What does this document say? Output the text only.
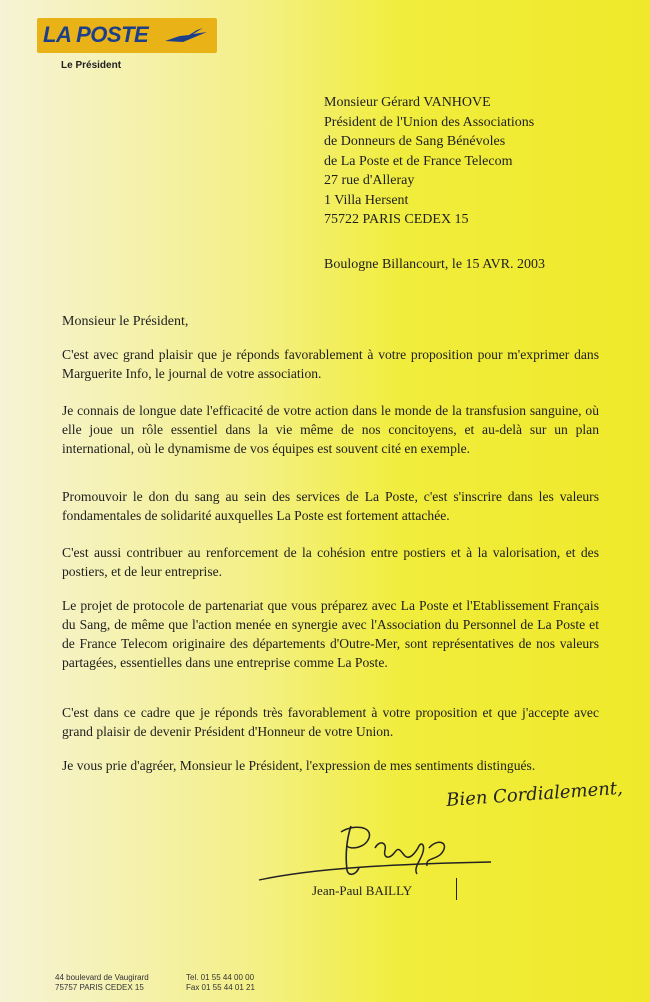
LA POSTE
Le Président
Monsieur Gérard VANHOVE
Président de l'Union des Associations
de Donneurs de Sang Bénévoles
de La Poste et de France Telecom
27 rue d'Alleray
1 Villa Hersent
75722 PARIS CEDEX 15
Boulogne Billancourt, le 15 AVR. 2003
Monsieur le Président,
C'est avec grand plaisir que je réponds favorablement à votre proposition pour m'exprimer dans Marguerite Info, le journal de votre association.
Je connais de longue date l'efficacité de votre action dans le monde de la transfusion sanguine, où elle joue un rôle essentiel dans la vie même de nos concitoyens, et au-delà sur un plan international, où le dynamisme de vos équipes est souvent cité en exemple.
Promouvoir le don du sang au sein des services de La Poste, c'est s'inscrire dans les valeurs fondamentales de solidarité auxquelles La Poste est fortement attachée.
C'est aussi contribuer au renforcement de la cohésion entre postiers et à la valorisation, et des postiers, et de leur entreprise.
Le projet de protocole de partenariat que vous préparez avec La Poste et l'Etablissement Français du Sang, de même que l'action menée en synergie avec l'Association du Personnel de La Poste et de France Telecom originaire des départements d'Outre-Mer, sont représentatives de nos valeurs partagées, essentielles dans une entreprise comme La Poste.
C'est dans ce cadre que je réponds très favorablement à votre proposition et que j'accepte avec grand plaisir de devenir Président d'Honneur de votre Union.
Je vous prie d'agréer, Monsieur le Président, l'expression de mes sentiments distingués.
Bien Cordialement,
Jean-Paul BAILLY
44 boulevard de Vaugirard
75757 PARIS CEDEX 15
Tel. 01 55 44 00 00
Fax 01 55 44 01 21
